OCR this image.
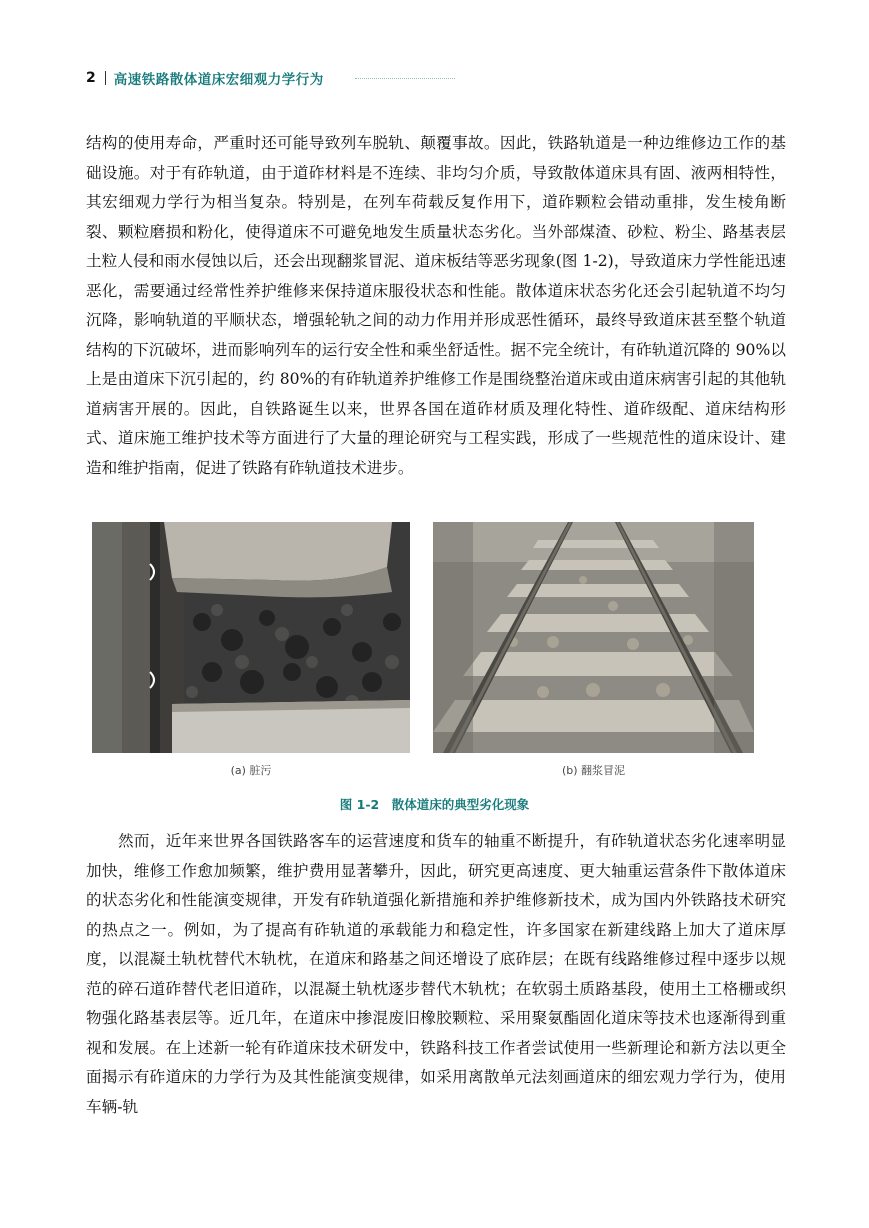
2 高速铁路散体道床宏细观力学行为

结构的使用寿命，严重时还可能导致列车脱轨、颠覆事故。因此，铁路轨道是一种边维修边工作的基础设施。对于有砟轨道，由于道砟材料是不连续、非均匀介质，导致散体道床具有固、液两相特性，其宏细观力学行为相当复杂。特别是，在列车荷载反复作用下，道砟颗粒会错动重排，发生棱角断裂、颗粒磨损和粉化，使得道床不可避免地发生质量状态劣化。当外部煤渣、砂粒、粉尘、路基表层土粒人侵和雨水侵蚀以后，还会出现翻浆冒泥、道床板结等恶劣现象(图 1-2)，导致道床力学性能迅速恶化，需要通过经常性养护维修来保持道床服役状态和性能。散体道床状态劣化还会引起轨道不均匀沉降，影响轨道的平顺状态，增强轮轨之间的动力作用并形成恶性循环，最终导致道床甚至整个轨道结构的下沉破坏，进而影响列车的运行安全性和乘坐舒适性。据不完全统计，有砟轨道沉降的 90%以上是由道床下沉引起的，约 80%的有砟轨道养护维修工作是围绕整治道床或由道床病害引起的其他轨道病害开展的。因此，自铁路诞生以来，世界各国在道砟材质及理化特性、道砟级配、道床结构形式、道床施工维护技术等方面进行了大量的理论研究与工程实践，形成了一些规范性的道床设计、建造和维护指南，促进了铁路有砟轨道技术进步。

(a) 脏污	(b) 翻浆冒泥
图 1-2　散体道床的典型劣化现象

然而，近年来世界各国铁路客车的运营速度和货车的轴重不断提升，有砟轨道状态劣化速率明显加快，维修工作愈加频繁，维护费用显著攀升，因此，研究更高速度、更大轴重运营条件下散体道床的状态劣化和性能演变规律，开发有砟轨道强化新措施和养护维修新技术，成为国内外铁路技术研究的热点之一。例如，为了提高有砟轨道的承载能力和稳定性，许多国家在新建线路上加大了道床厚度，以混凝土轨枕替代木轨枕，在道床和路基之间还增设了底砟层；在既有线路维修过程中逐步以规范的碎石道砟替代老旧道砟，以混凝土轨枕逐步替代木轨枕；在软弱土质路基段，使用土工格栅或织物强化路基表层等。近几年，在道床中掺混废旧橡胶颗粒、采用聚氨酯固化道床等技术也逐渐得到重视和发展。在上述新一轮有砟道床技术研发中，铁路科技工作者尝试使用一些新理论和新方法以更全面揭示有砟道床的力学行为及其性能演变规律，如采用离散单元法刻画道床的细宏观力学行为，使用车辆-轨
